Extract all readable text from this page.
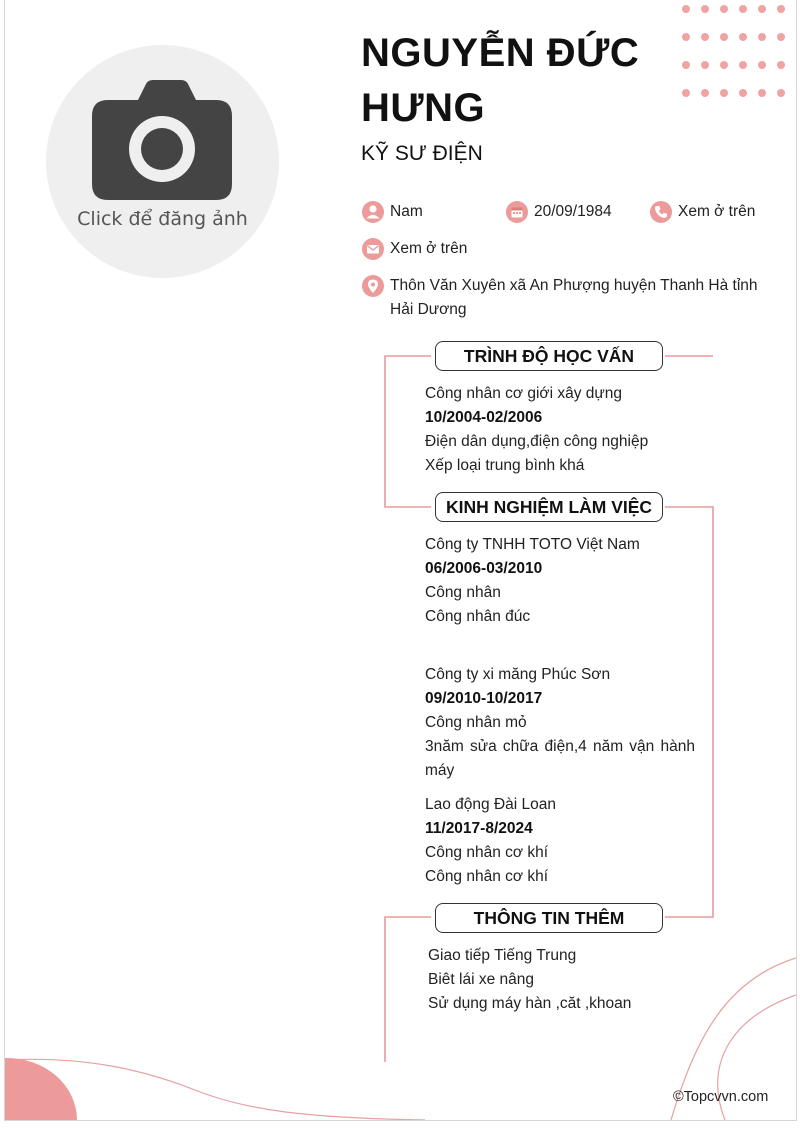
Click để đăng ảnh
NGUYỄN ĐỨC HƯNG
KỸ SƯ ĐIỆN
Nam	20/09/1984	Xem ở trên
Xem ở trên
Thôn Văn Xuyên xã An Phượng huyện Thanh Hà tỉnh Hải Dương
TRÌNH ĐỘ HỌC VẤN
Công nhân cơ giới xây dựng
10/2004-02/2006
Điện dân dụng,điện công nghiệp
Xếp loại trung bình khá
KINH NGHIỆM LÀM VIỆC
Công ty TNHH TOTO Việt Nam
06/2006-03/2010
Công nhân
Công nhân đúc
Công ty xi măng Phúc Sơn
09/2010-10/2017
Công nhân mỏ
3năm sửa chữa điện,4 năm vận hành máy
Lao động Đài Loan
11/2017-8/2024
Công nhân cơ khí
Công nhân cơ khí
THÔNG TIN THÊM
Giao tiếp Tiếng Trung
Biêt lái xe nâng
Sử dụng máy hàn ,căt ,khoan
©Topcvvn.com
